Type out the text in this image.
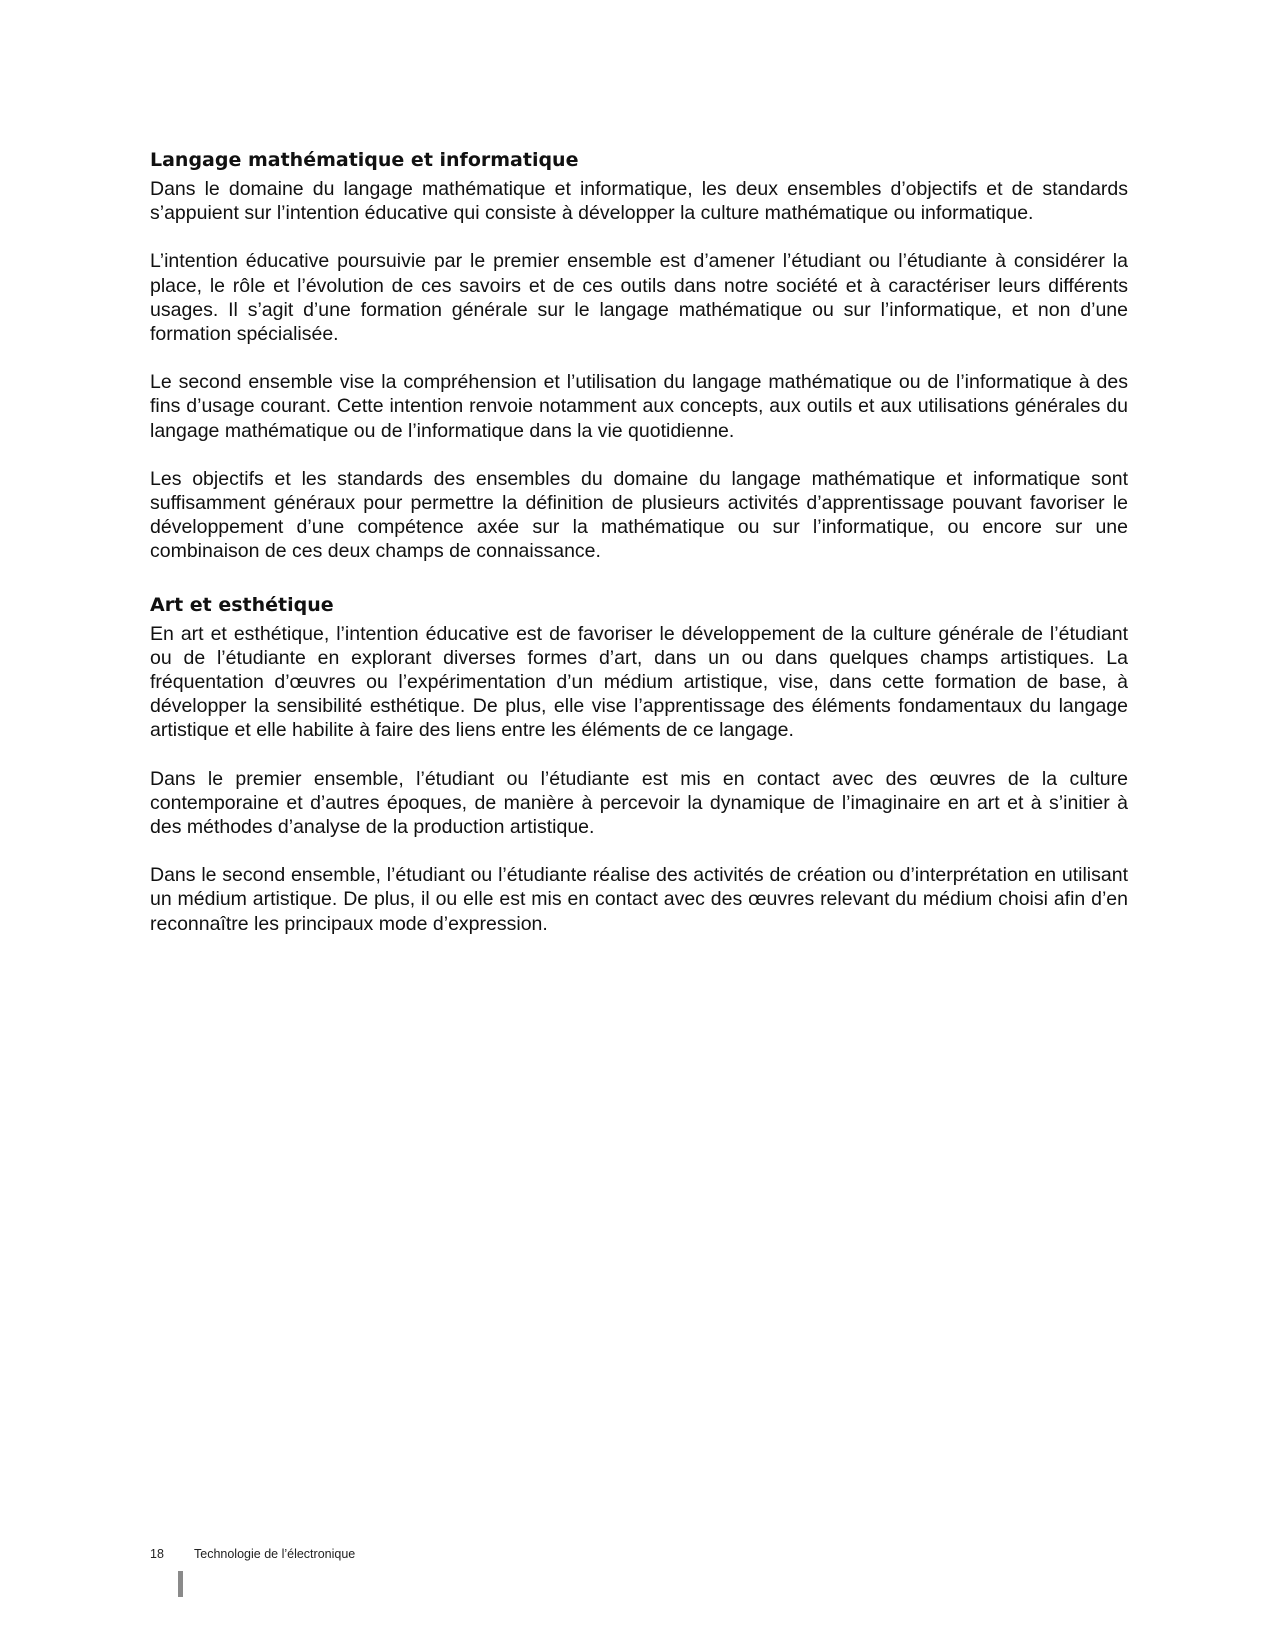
Langage mathématique et informatique

Dans le domaine du langage mathématique et informatique, les deux ensembles d’objectifs et de standards s’appuient sur l’intention éducative qui consiste à développer la culture mathématique ou informatique.

L’intention éducative poursuivie par le premier ensemble est d’amener l’étudiant ou l’étudiante à considérer la place, le rôle et l’évolution de ces savoirs et de ces outils dans notre société et à caractériser leurs différents usages. Il s’agit d’une formation générale sur le langage mathématique ou sur l’informatique, et non d’une formation spécialisée.

Le second ensemble vise la compréhension et l’utilisation du langage mathématique ou de l’informatique à des fins d’usage courant. Cette intention renvoie notamment aux concepts, aux outils et aux utilisations générales du langage mathématique ou de l’informatique dans la vie quotidienne.

Les objectifs et les standards des ensembles du domaine du langage mathématique et informatique sont suffisamment généraux pour permettre la définition de plusieurs activités d’apprentissage pouvant favoriser le développement d’une compétence axée sur la mathématique ou sur l’informatique, ou encore sur une combinaison de ces deux champs de connaissance.

Art et esthétique

En art et esthétique, l’intention éducative est de favoriser le développement de la culture générale de l’étudiant ou de l’étudiante en explorant diverses formes d’art, dans un ou dans quelques champs artistiques. La fréquentation d’œuvres ou l’expérimentation d’un médium artistique, vise, dans cette formation de base, à développer la sensibilité esthétique. De plus, elle vise l’apprentissage des éléments fondamentaux du langage artistique et elle habilite à faire des liens entre les éléments de ce langage.

Dans le premier ensemble, l’étudiant ou l’étudiante est mis en contact avec des œuvres de la culture contemporaine et d’autres époques, de manière à percevoir la dynamique de l’imaginaire en art et à s’initier à des méthodes d’analyse de la production artistique.

Dans le second ensemble, l’étudiant ou l’étudiante réalise des activités de création ou d’interprétation en utilisant un médium artistique. De plus, il ou elle est mis en contact avec des œuvres relevant du médium choisi afin d’en reconnaître les principaux mode d’expression.

18 Technologie de l’électronique
